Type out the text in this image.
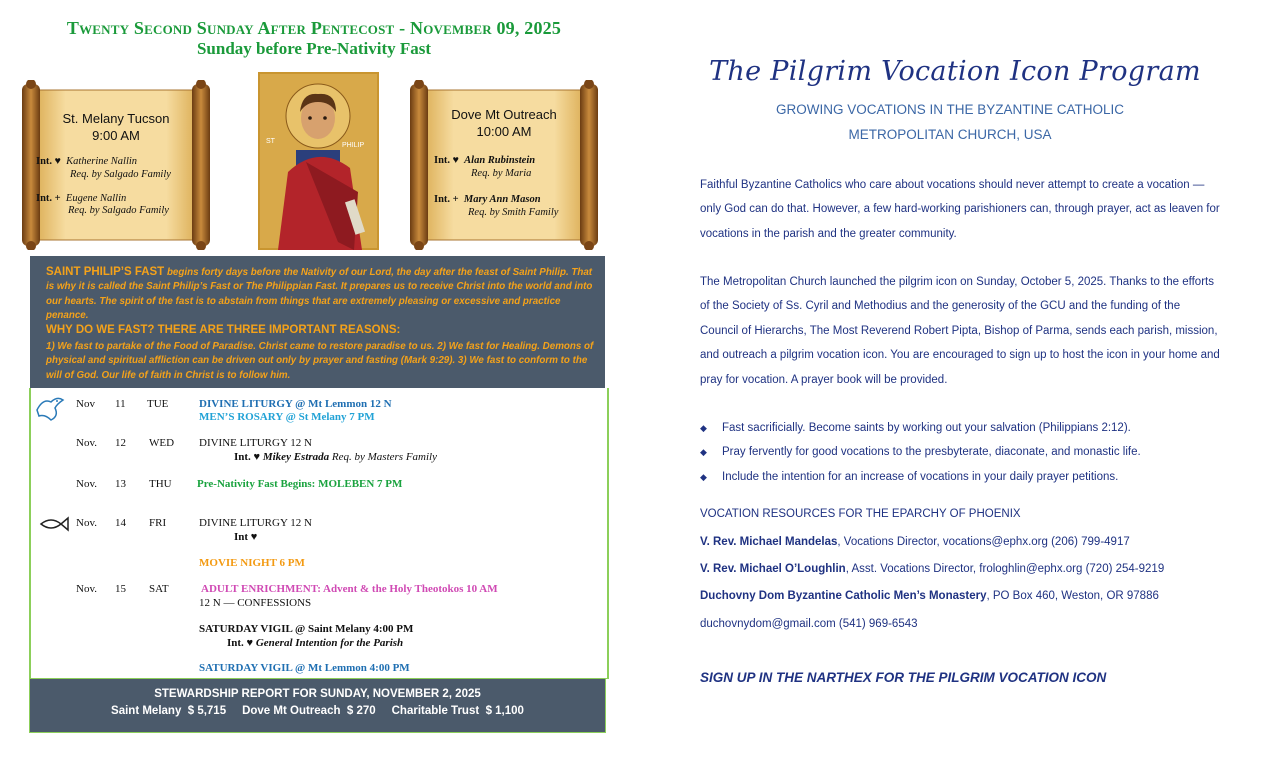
Twenty Second Sunday After Pentecost - November 09, 2025
Sunday before Pre-Nativity Fast
St. Melany Tucson
9:00 AM
Int. ♥ Katherine Nallin
Req. by Salgado Family
Int. + Eugene Nallin
Req. by Salgado Family
ST
PHILIP
Dove Mt Outreach
10:00 AM
Int. ♥ Alan Rubinstein
Req. by Maria
Int. + Mary Ann Mason
Req. by Smith Family

SAINT PHILIP’S FAST begins forty days before the Nativity of our Lord, the day after the feast of Saint Philip. That is why it is called the Saint Philip’s Fast or The Philippian Fast. It prepares us to receive Christ into the world and into our hearts. The spirit of the fast is to abstain from things that are extremely pleasing or excessive and practice penance.

WHY DO WE FAST? THERE ARE THREE IMPORTANT REASONS:

1) We fast to partake of the Food of Paradise. Christ came to restore paradise to us. 2) We fast for Healing. Demons of physical and spiritual affliction can be driven out only by prayer and fasting (Mark 9:29). 3) We fast to conform to the will of God. Our life of faith in Christ is to follow him.

Nov 11 TUE	DIVINE LITURGY @ Mt Lemmon 12 N
MEN’S ROSARY @ St Melany 7 PM
Nov. 12 WED DIVINE LITURGY 12 N
Int. ♥ Mikey Estrada Req. by Masters Family
Nov. 13 THU Pre-Nativity Fast Begins: MOLEBEN 7 PM
Nov. 14 FRI	DIVINE LITURGY 12 N
Int ♥
MOVIE NIGHT 6 PM
Nov. 15 SAT	ADULT ENRICHMENT: Advent & the Holy Theotokos 10 AM
12 N — CONFESSIONS
SATURDAY VIGIL @ Saint Melany 4:00 PM
Int. ♥ General Intention for the Parish
SATURDAY VIGIL @ Mt Lemmon 4:00 PM
STEWARDSHIP REPORT FOR SUNDAY, NOVEMBER 2, 2025
Saint Melany  $ 5,715     Dove Mt Outreach  $ 270     Charitable Trust  $ 1,100
The Pilgrim Vocation Icon Program
GROWING VOCATIONS IN THE BYZANTINE CATHOLIC
METROPOLITAN CHURCH, USA

Faithful Byzantine Catholics who care about vocations should never attempt to create a vocation — only God can do that. However, a few hard-working parishioners can, through prayer, act as leaven for vocations in the parish and the greater community.

The Metropolitan Church launched the pilgrim icon on Sunday, October 5, 2025. Thanks to the efforts of the Society of Ss. Cyril and Methodius and the generosity of the GCU and the funding of the Council of Hierarchs, The Most Reverend Robert Pipta, Bishop of Parma, sends each parish, mission, and outreach a pilgrim vocation icon. You are encouraged to sign up to host the icon in your home and pray for vocation. A prayer book will be provided.

◆ Fast sacrificially. Become saints by working out your salvation (Philippians 2:12).
◆ Pray fervently for good vocations to the presbyterate, diaconate, and monastic life.
◆ Include the intention for an increase of vocations in your daily prayer petitions.
VOCATION RESOURCES FOR THE EPARCHY OF PHOENIX
V. Rev. Michael Mandelas, Vocations Director, vocations@ephx.org (206) 799-4917
V. Rev. Michael O’Loughlin, Asst. Vocations Director, frologhlin@ephx.org (720) 254-9219
Duchovny Dom Byzantine Catholic Men’s Monastery, PO Box 460, Weston, OR 97886
duchovnydom@gmail.com (541) 969-6543
SIGN UP IN THE NARTHEX FOR THE PILGRIM VOCATION ICON
